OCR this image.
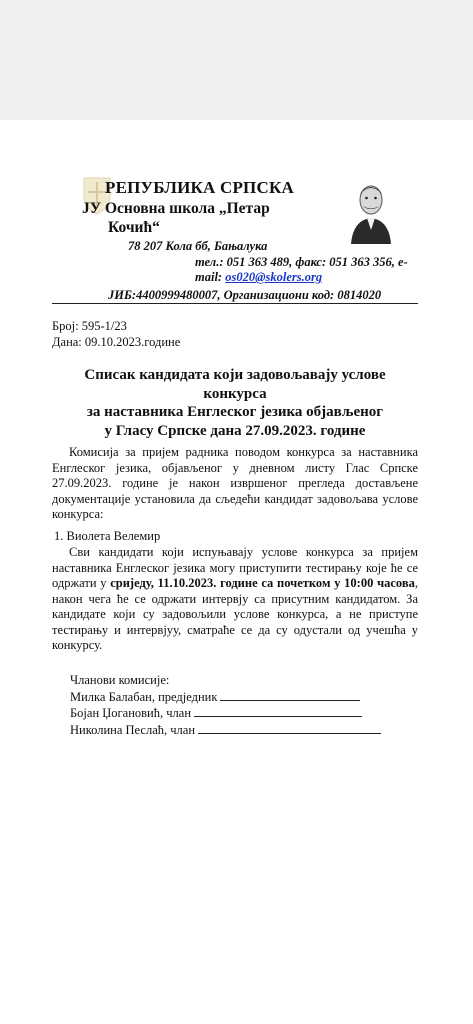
РЕПУБЛИКА СРПСКА
ЈУ Основна школа „Петар
Кочић“
78 207 Кола бб, Бањалука
тел.: 051 363 489, факс: 051 363 356, е-mail: os020@skolers.org
ЈИБ:4400999480007, Организациони код: 0814020
Број: 595-1/23
Дана: 09.10.2023.године
Списак кандидата који задовољавају услове конкурса
за наставника Енглеског језика објављеног
у Гласу Српске дана 27.09.2023. године
Комисија за пријем радника поводом конкурса за наставника Енглеског језика, објављеног у дневном листу Глас Српске 27.09.2023. године је након извршеног прегледа достављене документације установила да сљедећи кандидат задовољава услове конкурса:
1. Виолета Велемир
Сви кандидати који испуњавају услове конкурса за пријем наставника Енглеског језика могу приступити тестирању које ће се одржати у сриједу, 11.10.2023. године са почетком у 10:00 часова, након чега ће се одржати интервју са присутним кандидатом. За кандидате који су задовољили услове конкурса, а не приступе тестирању и интервјуу, сматраће се да су одустали од учешћа у конкурсу.
Чланови комисије:
Милка Балабан, предједник
Бојан Џогановић, члан
Николина Песлаћ, члан
